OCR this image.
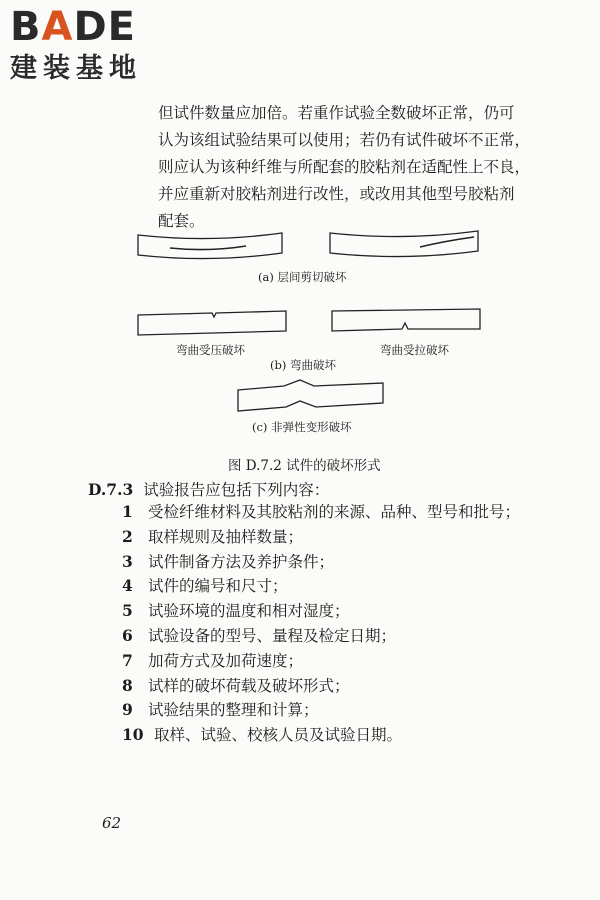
BADE
建装基地

但试件数量应加倍。若重作试验全数破坏正常，仍可
认为该组试验结果可以使用；若仍有试件破坏不正常，
则应认为该种纤维与所配套的胶粘剂在适配性上不良，
并应重新对胶粘剂进行改性，或改用其他型号胶粘剂
配套。

(a) 层间剪切破坏
弯曲受压破坏	弯曲受拉破坏
(b) 弯曲破坏
(c) 非弹性变形破坏
图 D.7.2 试件的破坏形式
D.7.3 试验报告应包括下列内容：
1 受检纤维材料及其胶粘剂的来源、品种、型号和批号；
2 取样规则及抽样数量；
3 试件制备方法及养护条件；
4 试件的编号和尺寸；
5 试验环境的温度和相对湿度；
6 试验设备的型号、量程及检定日期；
7 加荷方式及加荷速度；
8 试样的破坏荷载及破坏形式；
9 试验结果的整理和计算；
10 取样、试验、校核人员及试验日期。
62
